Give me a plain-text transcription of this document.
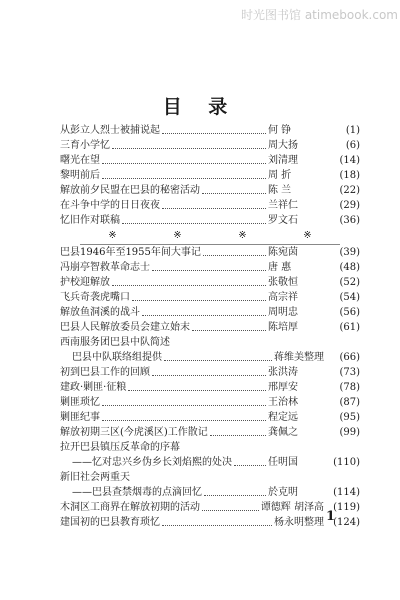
时光图书馆 atimebook.com
目 录
从彭立人烈士被捕说起	何 铮	(1)
三育小学忆	周大扬	(6)
曙光在望	刘清理	(14)
黎明前后	周 折	(18)
解放前夕民盟在巴县的秘密活动	陈 兰	(22)
在斗争中学的日日夜夜	兰祥仁	(29)
忆旧作对联稿	罗文石	(36)
※	※	※	※
巴县1946年至1955年间大事记	陈宛茵	(39)
冯崩亭智救革命志士	唐 惠	(48)
护校迎解放	张敬恒	(52)
飞兵奇袭虎嘴口	高宗祥	(54)
解放鱼洞溪的战斗	周明忠	(56)
巴县人民解放委员会建立始末	陈培厚	(61)
西南服务团巴县中队简述
巴县中队联络组提供	蒋维美整理	(66)
初到巴县工作的回顾	张洪涛	(73)
建政·剿匪·征粮	邢厚安	(78)
剿匪琐忆	王治林	(87)
剿匪纪事	程定远	(95)
解放初期三区(今虎溪区)工作散记	龚佩之	(99)
拉开巴县镇压反革命的序幕
——忆对忠兴乡伪乡长刘焰熙的处决	任明国	(110)
新旧社会两重天
——巴县查禁烟毒的点滴回忆	於克明	(114)
木洞区工商界在解放初期的活动	谭德辉 胡泽高 (119)
建国初的巴县教育琐忆	杨永明整理 (124)
1
